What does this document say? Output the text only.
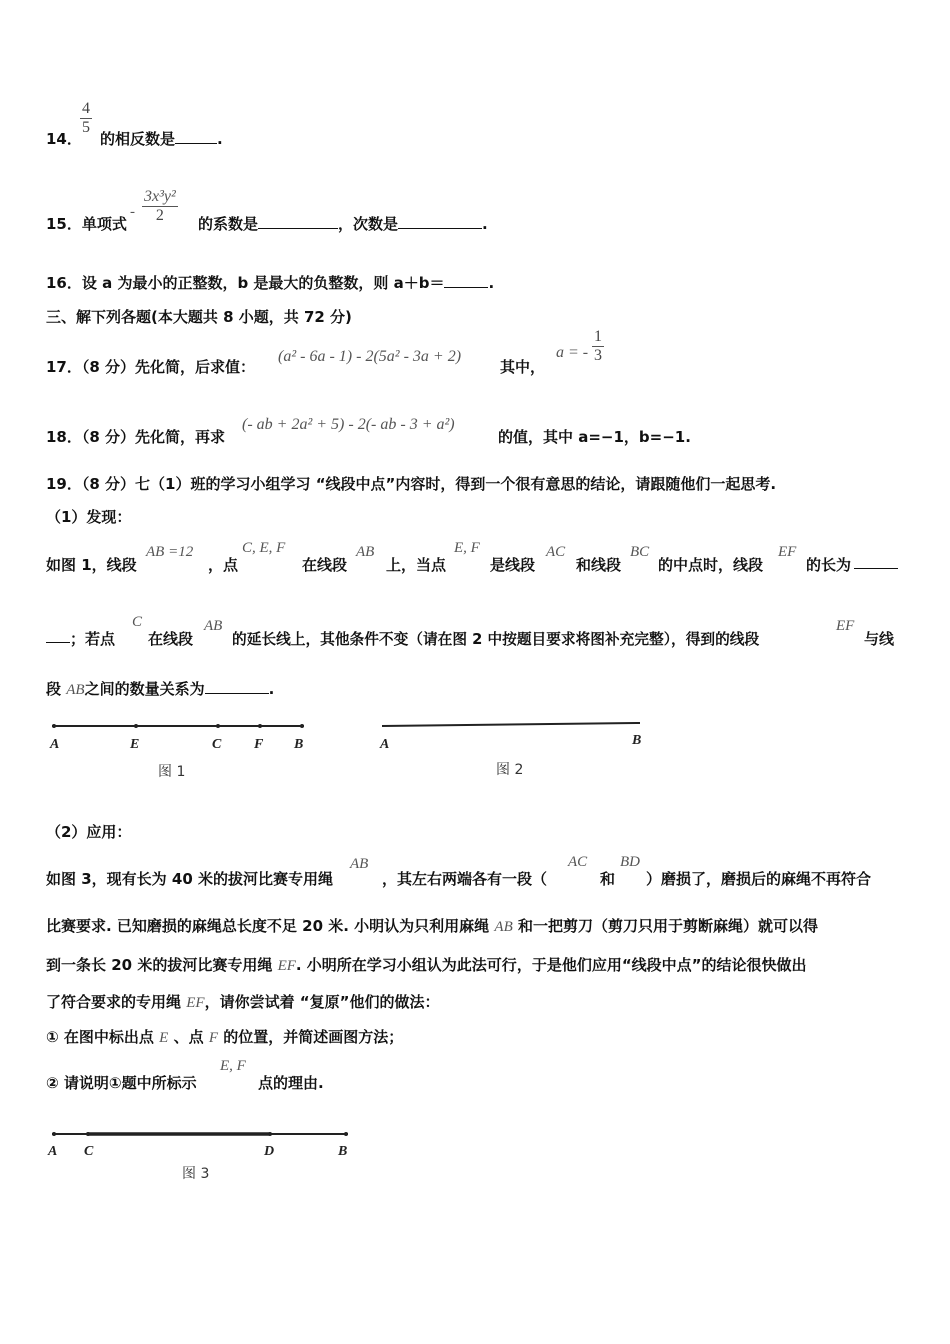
14．
$\frac{4}{5}$
的相反数是	.
15．单项式
- $\frac{\text{3x³y²}}{2}$ 的系数是	，次数是	.
16．设 a 为最小的正整数，b 是最大的负整数，则 a＋b＝	.
三、解下列各题(本大题共 8 小题，共 72 分)
17．（8 分）先化简，后求值：
(a² - 6a - 1) - 2(5a² - 3a + 2)
其中，
a = - $\frac{1}{3}$
18．（8 分）先化简，再求
(- ab + 2a² + 5) - 2(- ab - 3 + a²)
的值，其中 a=−1，b=−1.
19．（8 分）七（1）班的学习小组学习 “线段中点”内容时，得到一个很有意思的结论，请跟随他们一起思考.
（1）发现：
如图 1，线段
AB =12
，点
C, E, F
在线段
AB
上，当点
E, F
是线段
AC
和线段
BC
的中点时，线段
EF
的长为
；若点
C
在线段
AB
的延长线上，其他条件不变（请在图 2 中按题目要求将图补充完整），得到的线段
EF
与线
段 AB之间的数量关系为	.
A	E	C F B
图 1
A	B
图 2
（2）应用：
如图 3，现有长为 40 米的拔河比赛专用绳
AB
，其左右两端各有一段（
AC
和
BD
）磨损了，磨损后的麻绳不再符合
比赛要求. 已知磨损的麻绳总长度不足 20 米. 小明认为只利用麻绳 AB 和一把剪刀（剪刀只用于剪断麻绳）就可以得
到一条长 20 米的拔河比赛专用绳 EF. 小明所在学习小组认为此法可行，于是他们应用“线段中点”的结论很快做出
了符合要求的专用绳 EF，请你尝试着 “复原”他们的做法：
① 在图中标出点 E 、点 F 的位置，并简述画图方法；
② 请说明①题中所标示
E, F
点的理由.
A C	D	B
图 3
